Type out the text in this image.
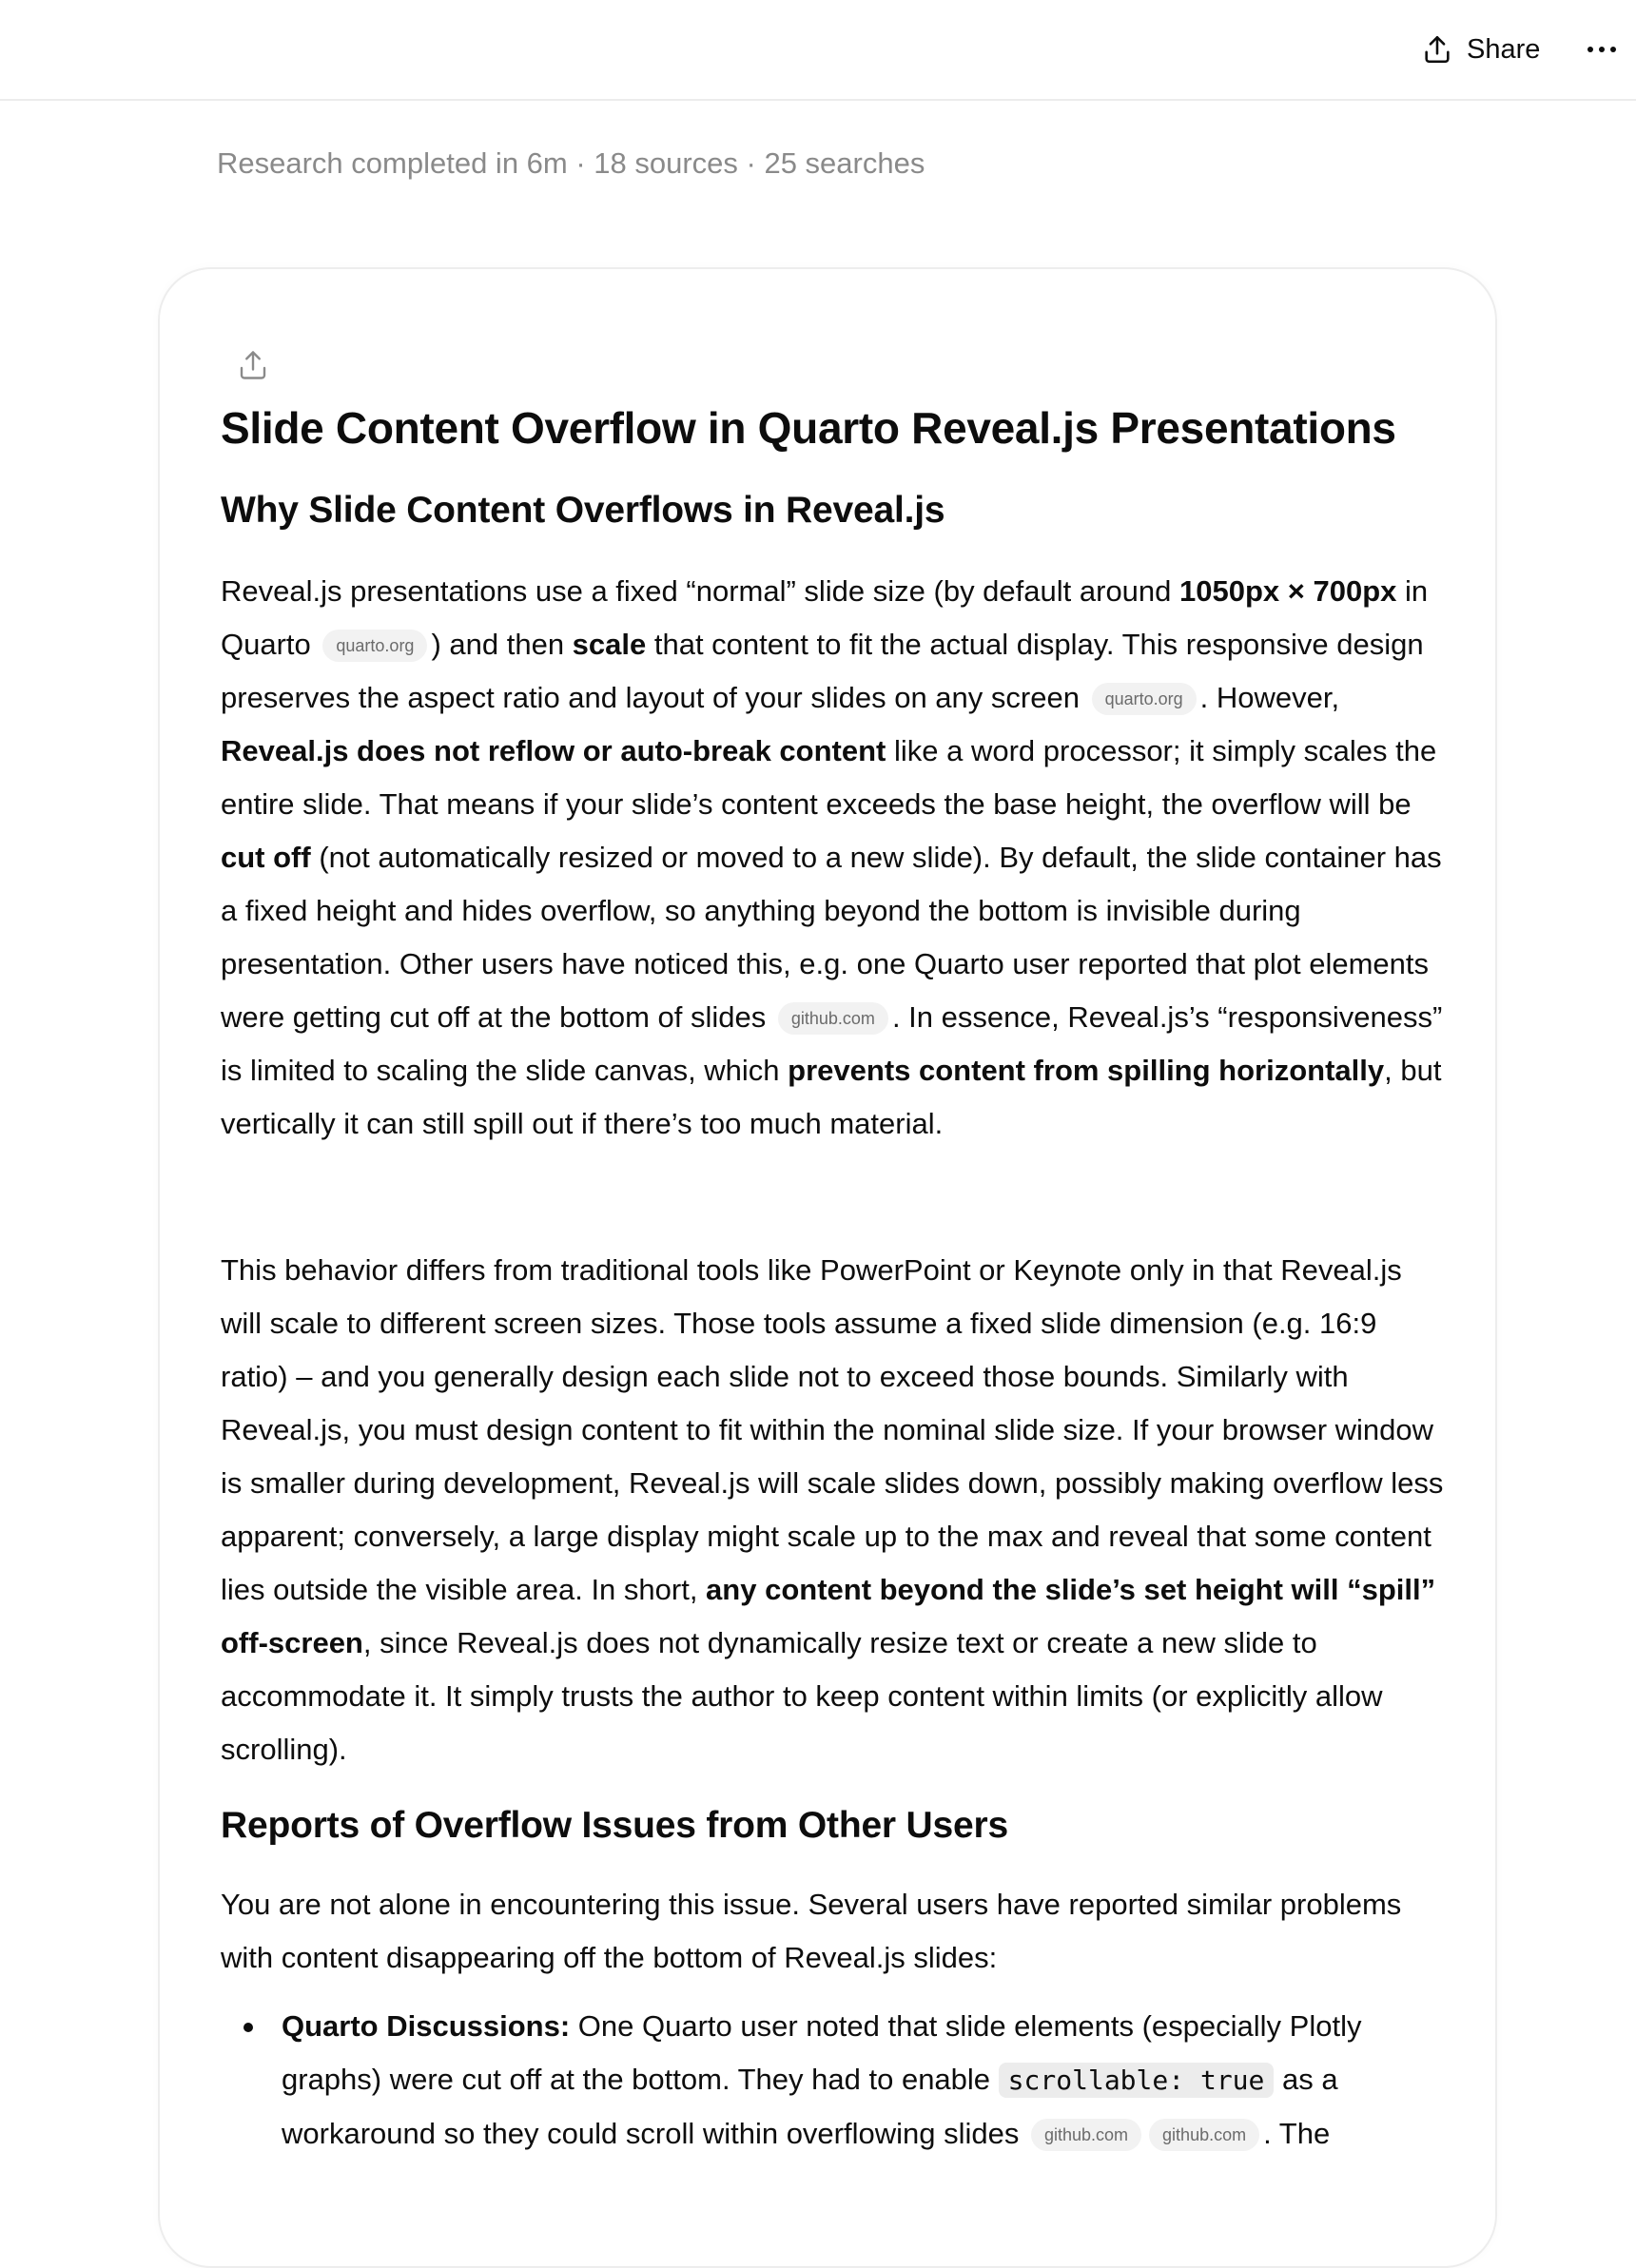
Share
Research completed in 6m · 18 sources · 25 searches
Slide Content Overflow in Quarto Reveal.js Presentations
Why Slide Content Overflows in Reveal.js

Reveal.js presentations use a fixed “normal” slide size (by default around 1050px × 700px in Quarto quarto.org ) and then scale that content to fit the actual display. This responsive design preserves the aspect ratio and layout of your slides on any screen quarto.org . However, Reveal.js does not reflow or auto-break content like a word processor; it simply scales the entire slide. That means if your slide’s content exceeds the base height, the overflow will be cut off (not automatically resized or moved to a new slide). By default, the slide container has a fixed height and hides overflow, so anything beyond the bottom is invisible during presentation. Other users have noticed this, e.g. one Quarto user reported that plot elements were getting cut off at the bottom of slides github.com . In essence, Reveal.js’s “responsiveness” is limited to scaling the slide canvas, which prevents content from spilling horizontally, but vertically it can still spill out if there’s too much material.

This behavior differs from traditional tools like PowerPoint or Keynote only in that Reveal.js will scale to different screen sizes. Those tools assume a fixed slide dimension (e.g. 16:9 ratio) – and you generally design each slide not to exceed those bounds. Similarly with Reveal.js, you must design content to fit within the nominal slide size. If your browser window is smaller during development, Reveal.js will scale slides down, possibly making overflow less apparent; conversely, a large display might scale up to the max and reveal that some content lies outside the visible area. In short, any content beyond the slide’s set height will “spill” off-screen, since Reveal.js does not dynamically resize text or create a new slide to accommodate it. It simply trusts the author to keep content within limits (or explicitly allow scrolling).

Reports of Overflow Issues from Other Users

You are not alone in encountering this issue. Several users have reported similar problems with content disappearing off the bottom of Reveal.js slides:

Quarto Discussions: One Quarto user noted that slide elements (especially Plotly graphs) were cut off at the bottom. They had to enable scrollable: true as a workaround so they could scroll within overflowing slides github.com github.com . The
